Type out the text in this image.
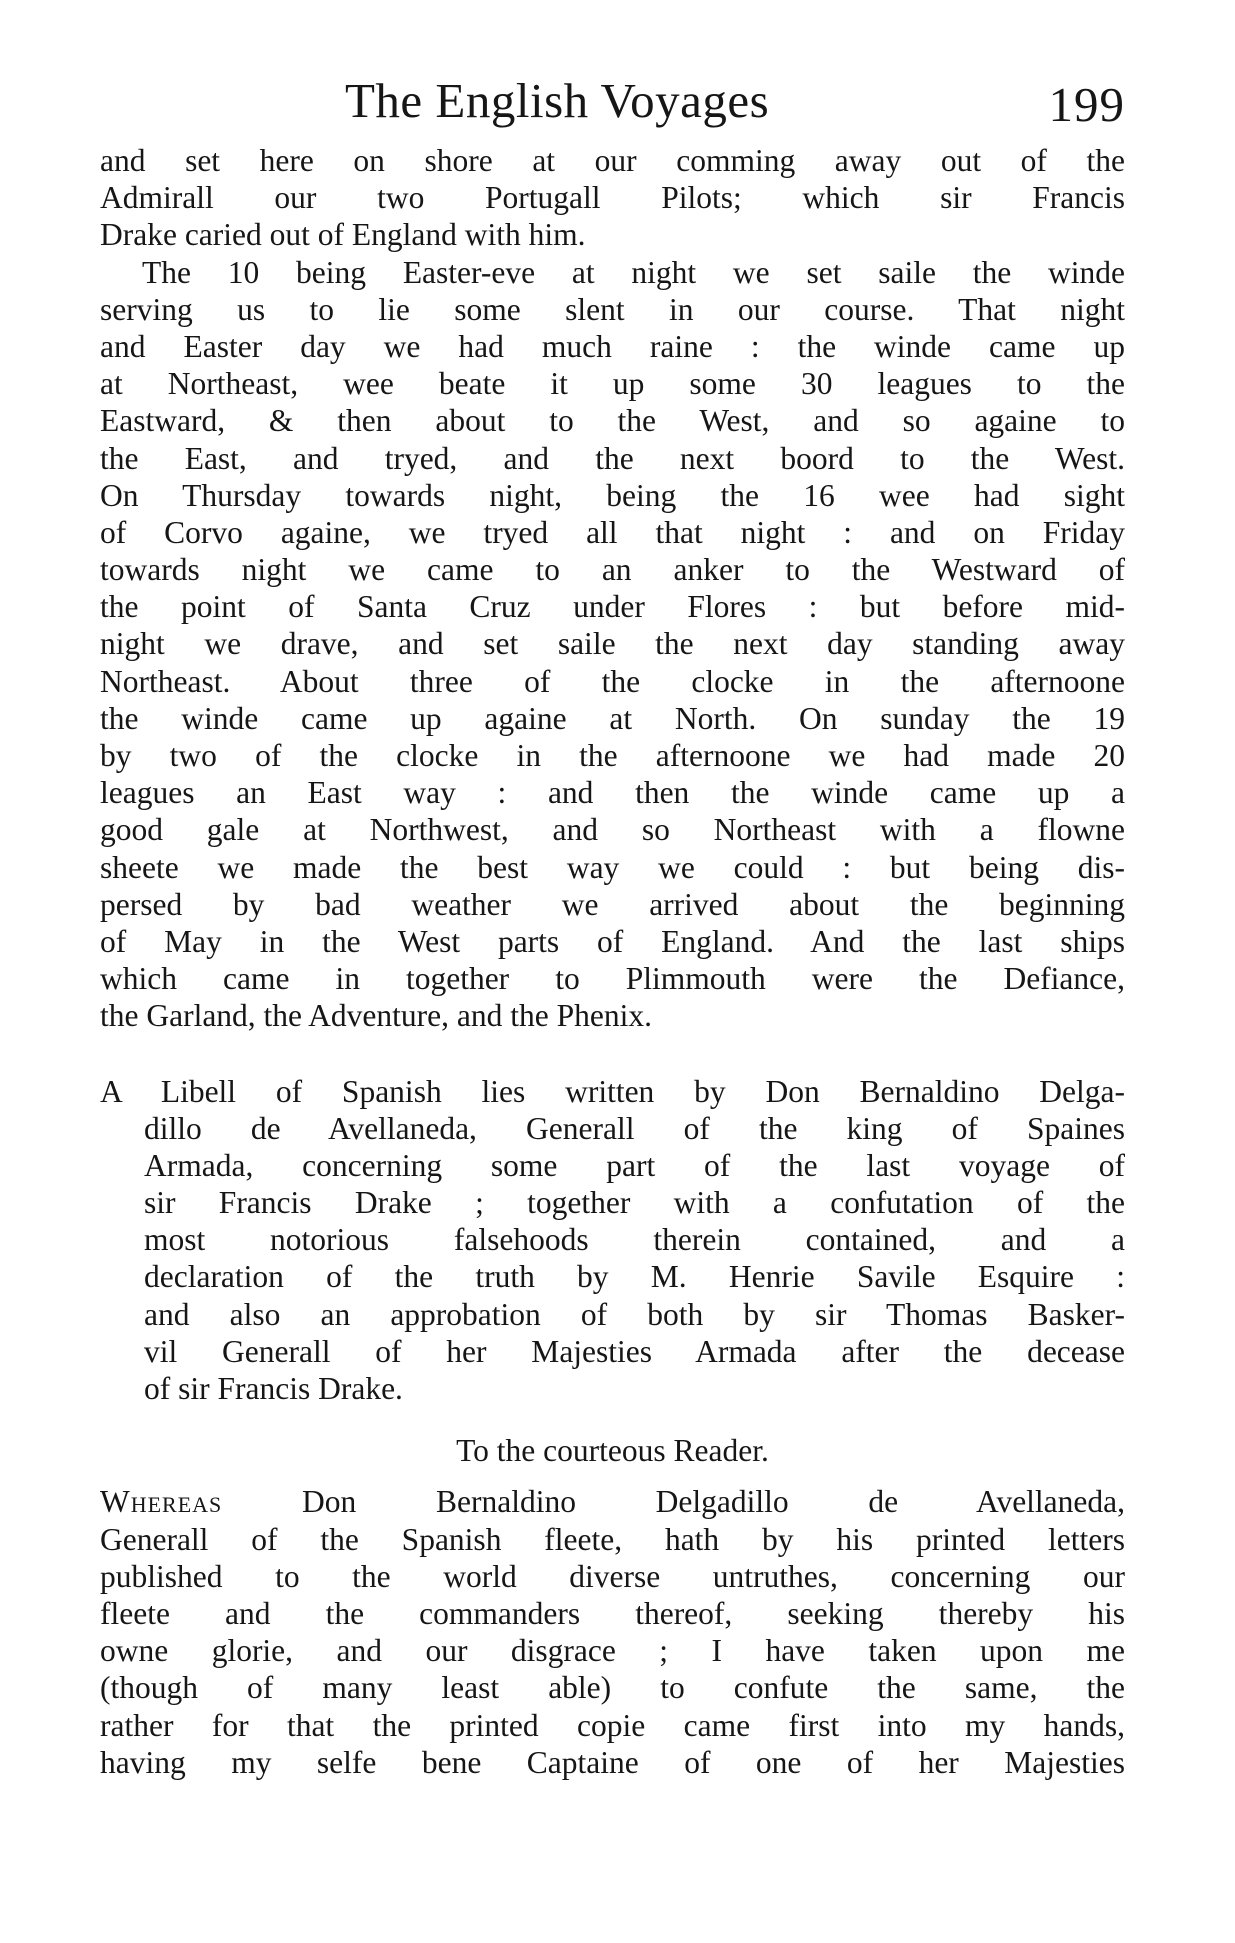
The English Voyages	199
and set here on shore at our comming away out of the
Admirall our two Portugall Pilots; which sir Francis
Drake caried out of England with him.
The 10 being Easter-eve at night we set saile the winde
serving us to lie some slent in our course. That night
and Easter day we had much raine : the winde came up
at Northeast, wee beate it up some 30 leagues to the
Eastward, & then about to the West, and so againe to
the East, and tryed, and the next boord to the West.
On Thursday towards night, being the 16 wee had sight
of Corvo againe, we tryed all that night : and on Friday
towards night we came to an anker to the Westward of
the point of Santa Cruz under Flores : but before mid-
night we drave, and set saile the next day standing away
Northeast. About three of the clocke in the afternoone
the winde came up againe at North. On sunday the 19
by two of the clocke in the afternoone we had made 20
leagues an East way : and then the winde came up a
good gale at Northwest, and so Northeast with a flowne
sheete we made the best way we could : but being dis-
persed by bad weather we arrived about the beginning
of May in the West parts of England. And the last ships
which came in together to Plimmouth were the Defiance,
the Garland, the Adventure, and the Phenix.
A Libell of Spanish lies written by Don Bernaldino Delga-
dillo de Avellaneda, Generall of the king of Spaines
Armada, concerning some part of the last voyage of
sir Francis Drake ; together with a confutation of the
most notorious falsehoods therein contained, and a
declaration of the truth by M. Henrie Savile Esquire :
and also an approbation of both by sir Thomas Basker-
vil Generall of her Majesties Armada after the decease
of sir Francis Drake.
To the courteous Reader.
Whereas	Don Bernaldino Delgadillo de Avellaneda,
Generall of the Spanish fleete, hath by his printed letters
published to the world diverse untruthes, concerning our
fleete and the commanders thereof, seeking thereby his
owne glorie, and our disgrace ; I have taken upon me
(though of many least able) to confute the same, the
rather for that the printed copie came first into my hands,
having my selfe bene Captaine of one of her Majesties
